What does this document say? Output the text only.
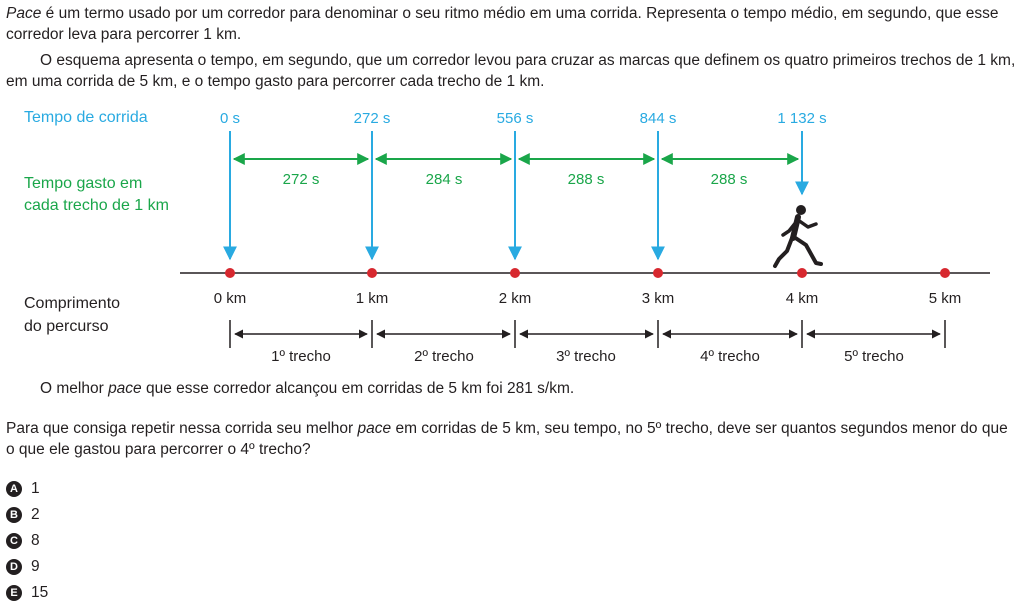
Pace é um termo usado por um corredor para denominar o seu ritmo médio em uma corrida. Representa o tempo médio, em segundo, que esse corredor leva para percorrer 1 km.

O esquema apresenta o tempo, em segundo, que um corredor levou para cruzar as marcas que definem os quatro primeiros trechos de 1 km, em uma corrida de 5 km, e o tempo gasto para percorrer cada trecho de 1 km.

Tempo de corrida
Tempo gasto em
cada trecho de 1 km
Comprimento
do percurso
0 s	272 s	556 s	844 s	1 132 s
272 s	284 s	288 s	288 s
0 km	1 km	2 km	3 km	4 km	5 km
1º trecho	2º trecho	3º trecho	4º trecho	5º trecho

O melhor pace que esse corredor alcançou em corridas de 5 km foi 281 s/km.

Para que consiga repetir nessa corrida seu melhor pace em corridas de 5 km, seu tempo, no 5º trecho, deve ser quantos segundos menor do que o que ele gastou para percorrer o 4º trecho?

A 1
B 2
C 8
D 9
E 15
